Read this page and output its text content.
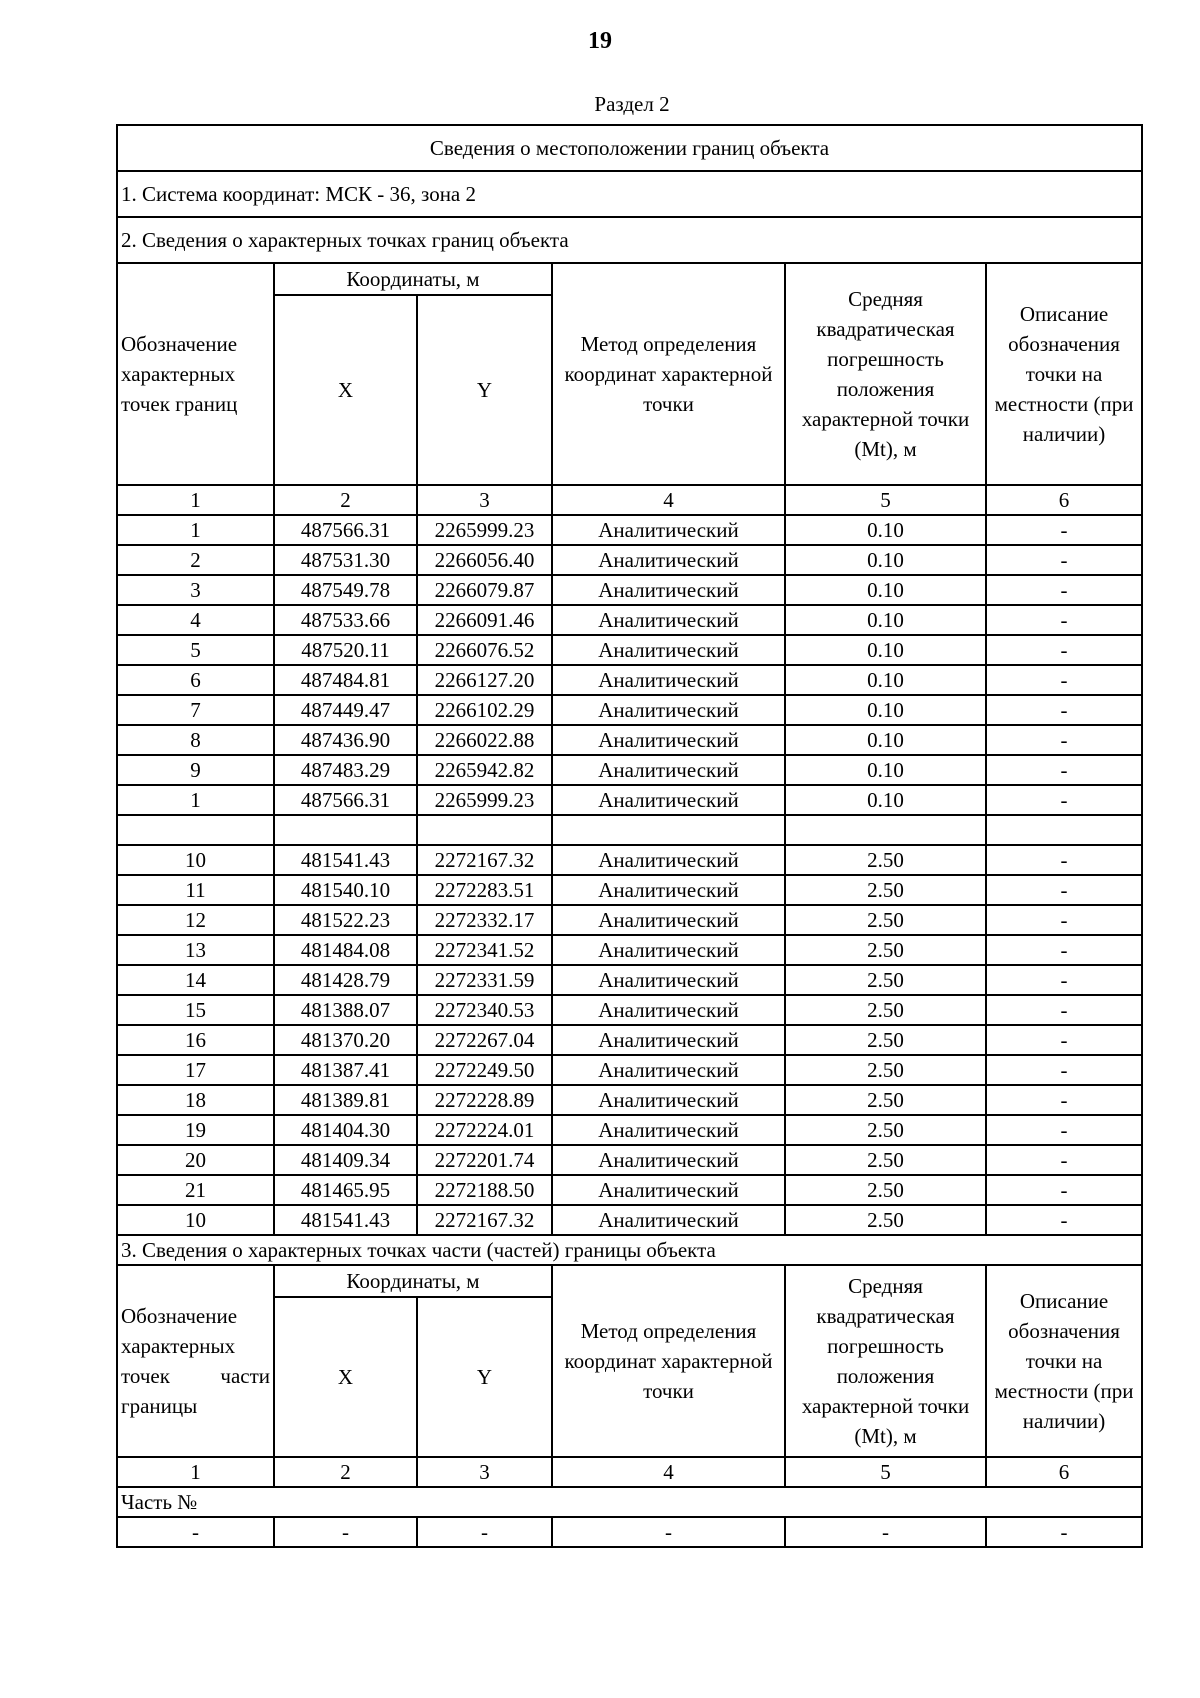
19
Раздел 2
Сведения о местоположении границ объекта					
1. Система координат: МСК - 36, зона 2					
2. Сведения о характерных точках границ объекта					
Обозначение характерных точек границ	Координаты, м		Метод определения координат характерной точки	Средняя квадратическая погрешность положения характерной точки (Mt), м	Описание обозначения точки на местности (при наличии)
	X	Y			
1	2	3	4	5	6
1	487566.31	2265999.23	Аналитический	0.10	-
2	487531.30	2266056.40	Аналитический	0.10	-
3	487549.78	2266079.87	Аналитический	0.10	-
4	487533.66	2266091.46	Аналитический	0.10	-
5	487520.11	2266076.52	Аналитический	0.10	-
6	487484.81	2266127.20	Аналитический	0.10	-
7	487449.47	2266102.29	Аналитический	0.10	-
8	487436.90	2266022.88	Аналитический	0.10	-
9	487483.29	2265942.82	Аналитический	0.10	-
1	487566.31	2265999.23	Аналитический	0.10	-

10	481541.43	2272167.32	Аналитический	2.50	-
11	481540.10	2272283.51	Аналитический	2.50	-
12	481522.23	2272332.17	Аналитический	2.50	-
13	481484.08	2272341.52	Аналитический	2.50	-
14	481428.79	2272331.59	Аналитический	2.50	-
15	481388.07	2272340.53	Аналитический	2.50	-
16	481370.20	2272267.04	Аналитический	2.50	-
17	481387.41	2272249.50	Аналитический	2.50	-
18	481389.81	2272228.89	Аналитический	2.50	-
19	481404.30	2272224.01	Аналитический	2.50	-
20	481409.34	2272201.74	Аналитический	2.50	-
21	481465.95	2272188.50	Аналитический	2.50	-
10	481541.43	2272167.32	Аналитический	2.50	-
3. Сведения о характерных точках части (частей) границы объекта					
Обозначение характерных точек части границы	Координаты, м		Метод определения координат характерной точки	Средняя квадратическая погрешность положения характерной точки (Mt), м	Описание обозначения точки на местности (при наличии)
	X	Y			
1	2	3	4	5	6
Часть №					
-	-	-	-	-	-
